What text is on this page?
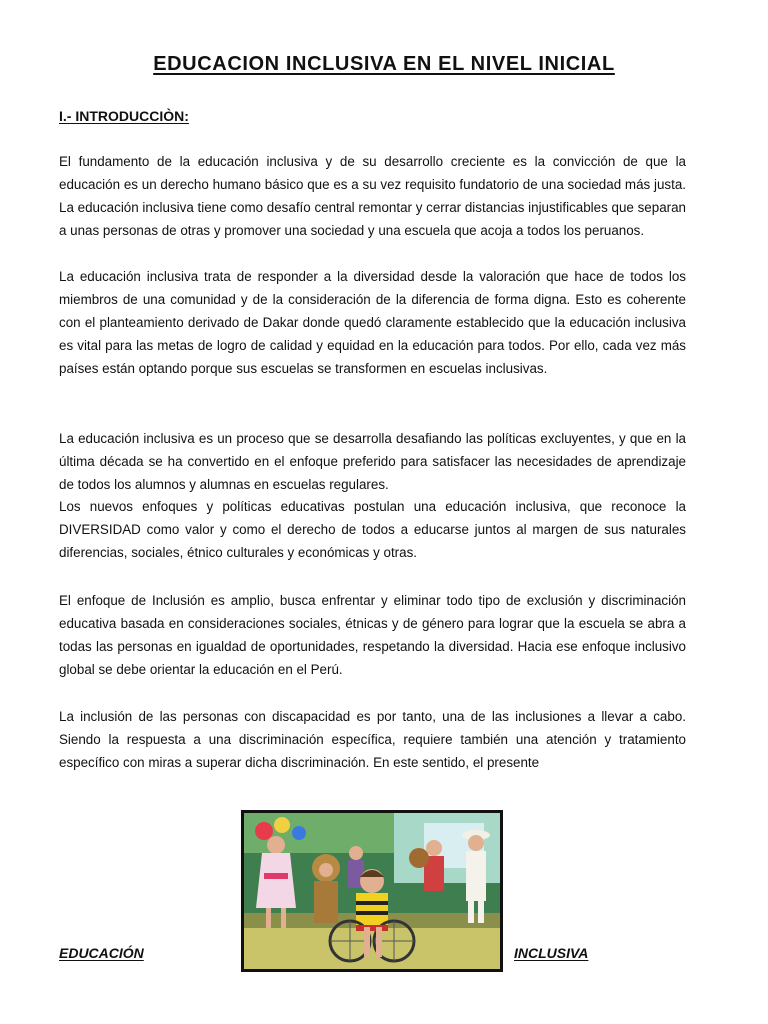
EDUCACION INCLUSIVA EN EL NIVEL INICIAL
I.- INTRODUCCIÒN:

El fundamento de la educación inclusiva y de su desarrollo creciente es la convicción de que la educación es un derecho humano básico que es a su vez requisito fundatorio de una sociedad más justa. La educación inclusiva tiene como desafío central remontar y cerrar distancias injustificables que separan a unas personas de otras y promover una sociedad y una escuela que acoja a todos los peruanos.

La educación inclusiva trata de responder a la diversidad desde la valoración que hace de todos los miembros de una comunidad y de la consideración de la diferencia de forma digna. Esto es coherente con el planteamiento derivado de Dakar donde quedó claramente establecido que la educación inclusiva es vital para las metas de logro de calidad y equidad en la educación para todos. Por ello, cada vez más países están optando porque sus escuelas se transformen en escuelas inclusivas.

La educación inclusiva es un proceso que se desarrolla desafiando las políticas excluyentes, y que en la última década se ha convertido en el enfoque preferido para satisfacer las necesidades de aprendizaje de todos los alumnos y alumnas en escuelas regulares.

Los nuevos enfoques y políticas educativas postulan una educación inclusiva, que reconoce la DIVERSIDAD como valor y como el derecho de todos a educarse juntos al margen de sus naturales diferencias, sociales, étnico culturales y económicas y otras.

El enfoque de Inclusión es amplio, busca enfrentar y eliminar todo tipo de exclusión y discriminación educativa basada en consideraciones sociales, étnicas y de género para lograr que la escuela se abra a todas las personas en igualdad de oportunidades, respetando la diversidad. Hacia ese enfoque inclusivo global se debe orientar la educación en el Perú.

La inclusión de las personas con discapacidad es por tanto, una de las inclusiones a llevar a cabo. Siendo la respuesta a una discriminación específica, requiere también una atención y tratamiento específico con miras a superar dicha discriminación. En este sentido, el presente

EDUCACIÓN	INCLUSIVA
